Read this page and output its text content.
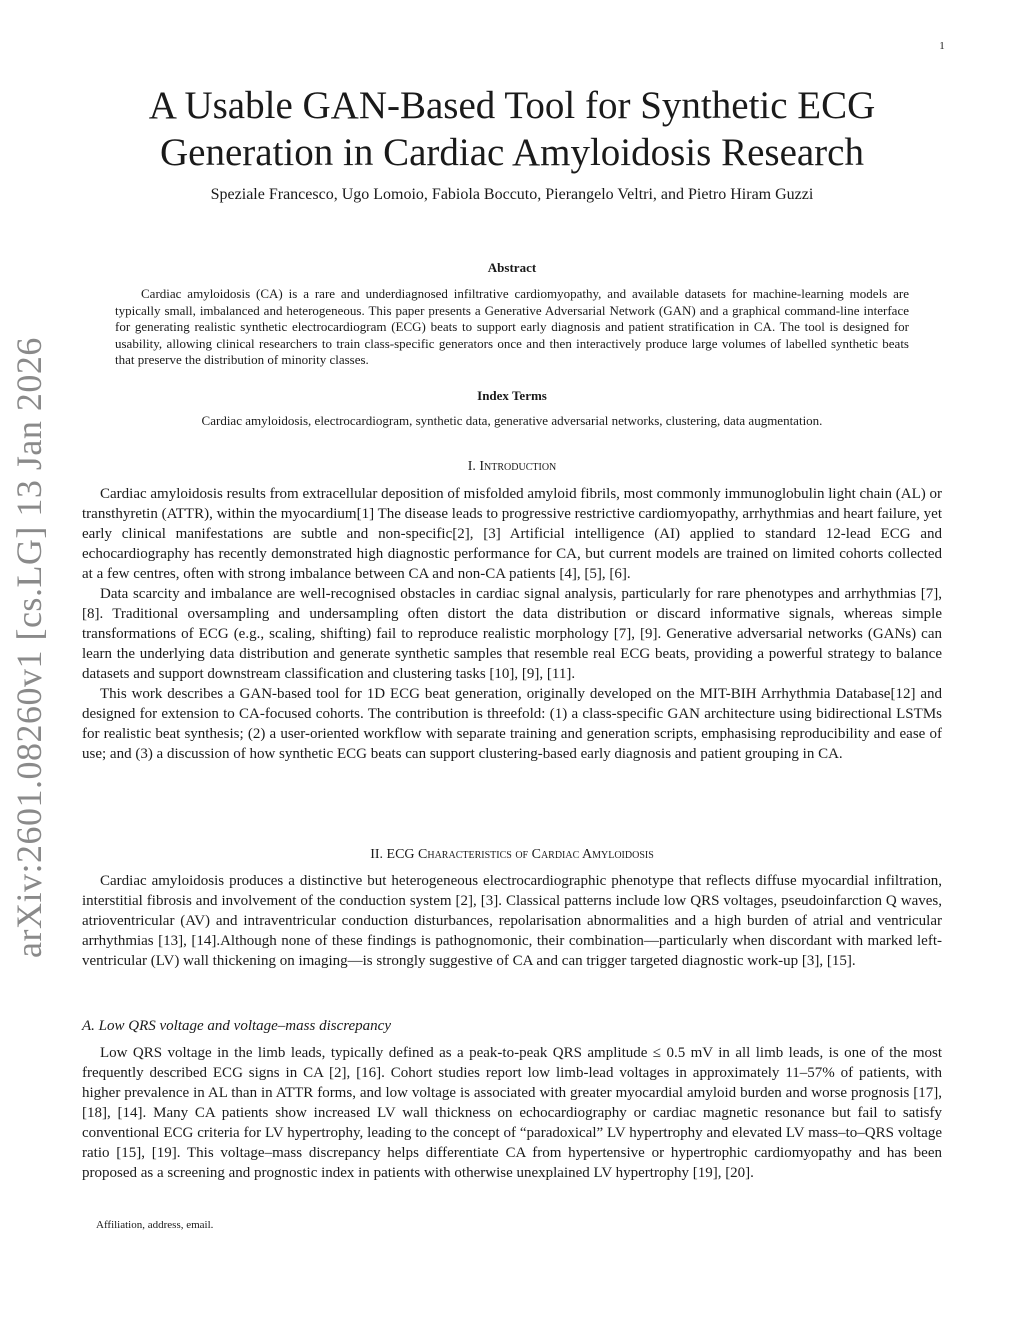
1
arXiv:2601.08260v1 [cs.LG] 13 Jan 2026
A Usable GAN-Based Tool for Synthetic ECG
Generation in Cardiac Amyloidosis Research

Speziale Francesco, Ugo Lomoio, Fabiola Boccuto, Pierangelo Veltri, and Pietro Hiram Guzzi

Abstract

Cardiac amyloidosis (CA) is a rare and underdiagnosed infiltrative cardiomyopathy, and available datasets for machine-learning models are typically small, imbalanced and heterogeneous. This paper presents a Generative Adversarial Network (GAN) and a graphical command-line interface for generating realistic synthetic electrocardiogram (ECG) beats to support early diagnosis and patient stratification in CA. The tool is designed for usability, allowing clinical researchers to train class-specific generators once and then interactively produce large volumes of labelled synthetic beats that preserve the distribution of minority classes.

Index Terms

Cardiac amyloidosis, electrocardiogram, synthetic data, generative adversarial networks, clustering, data augmentation.

I. Introduction

Cardiac amyloidosis results from extracellular deposition of misfolded amyloid fibrils, most commonly immunoglobulin light chain (AL) or transthyretin (ATTR), within the myocardium[1] The disease leads to progressive restrictive cardiomyopathy, arrhythmias and heart failure, yet early clinical manifestations are subtle and non-specific[2], [3] Artificial intelligence (AI) applied to standard 12-lead ECG and echocardiography has recently demonstrated high diagnostic performance for CA, but current models are trained on limited cohorts collected at a few centres, often with strong imbalance between CA and non-CA patients [4], [5], [6].

Data scarcity and imbalance are well-recognised obstacles in cardiac signal analysis, particularly for rare phenotypes and arrhythmias [7], [8]. Traditional oversampling and undersampling often distort the data distribution or discard informative signals, whereas simple transformations of ECG (e.g., scaling, shifting) fail to reproduce realistic morphology [7], [9]. Generative adversarial networks (GANs) can learn the underlying data distribution and generate synthetic samples that resemble real ECG beats, providing a powerful strategy to balance datasets and support downstream classification and clustering tasks [10], [9], [11].

This work describes a GAN-based tool for 1D ECG beat generation, originally developed on the MIT-BIH Arrhythmia Database[12] and designed for extension to CA-focused cohorts. The contribution is threefold: (1) a class-specific GAN architecture using bidirectional LSTMs for realistic beat synthesis; (2) a user-oriented workflow with separate training and generation scripts, emphasising reproducibility and ease of use; and (3) a discussion of how synthetic ECG beats can support clustering-based early diagnosis and patient grouping in CA.

II. ECG Characteristics of Cardiac Amyloidosis

Cardiac amyloidosis produces a distinctive but heterogeneous electrocardiographic phenotype that reflects diffuse myocardial infiltration, interstitial fibrosis and involvement of the conduction system [2], [3]. Classical patterns include low QRS voltages, pseudoinfarction Q waves, atrioventricular (AV) and intraventricular conduction disturbances, repolarisation abnormalities and a high burden of atrial and ventricular arrhythmias [13], [14].Although none of these findings is pathognomonic, their combination—particularly when discordant with marked left-ventricular (LV) wall thickening on imaging—is strongly suggestive of CA and can trigger targeted diagnostic work-up [3], [15].

A. Low QRS voltage and voltage–mass discrepancy

Low QRS voltage in the limb leads, typically defined as a peak-to-peak QRS amplitude ≤ 0.5 mV in all limb leads, is one of the most frequently described ECG signs in CA [2], [16]. Cohort studies report low limb-lead voltages in approximately 11–57% of patients, with higher prevalence in AL than in ATTR forms, and low voltage is associated with greater myocardial amyloid burden and worse prognosis [17], [18], [14]. Many CA patients show increased LV wall thickness on echocardiography or cardiac magnetic resonance but fail to satisfy conventional ECG criteria for LV hypertrophy, leading to the concept of “paradoxical” LV hypertrophy and elevated LV mass–to–QRS voltage ratio [15], [19]. This voltage–mass discrepancy helps differentiate CA from hypertensive or hypertrophic cardiomyopathy and has been proposed as a screening and prognostic index in patients with otherwise unexplained LV hypertrophy [19], [20].

Affiliation, address, email.
